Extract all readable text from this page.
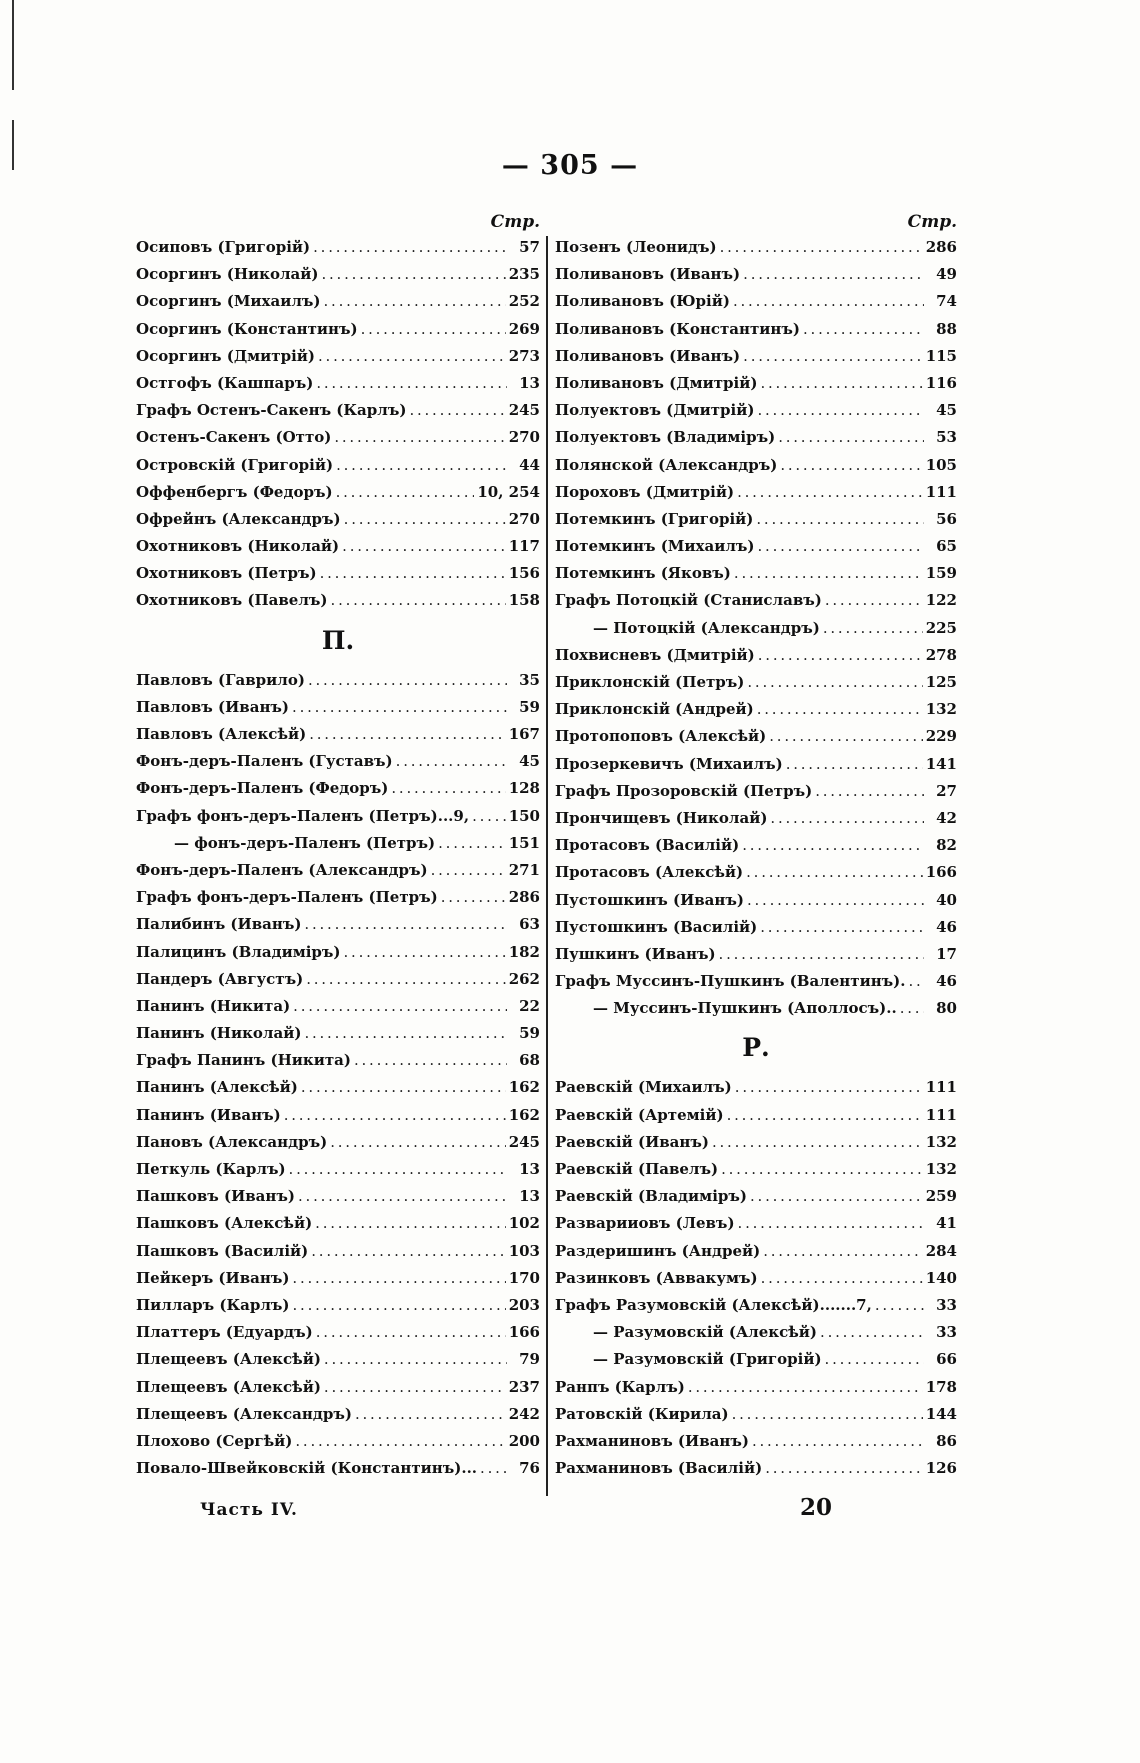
— 305 —
Стр.
Осиповъ (Григорій) . . .	57
Осоргинъ (Николай) . . .	235
Осоргинъ (Михаилъ) . . .	252
Осоргинъ (Константинъ) . . .	269
Осоргинъ (Дмитрій) . . .	273
Остгофъ (Кашпаръ) . . .	13
Графъ Остенъ-Сакенъ (Карлъ) . . .	245
Остенъ-Сакенъ (Отто) . . .	270
Островскій (Григорій) . . .	44
Оффенбергъ (Федоръ) . . .	10, 254
Офрейнъ (Александръ) . . .	270
Охотниковъ (Николай) . . .	117
Охотниковъ (Петръ) . . .	156
Охотниковъ (Павелъ) . . .	158
П.
Павловъ (Гаврило) . . .	35
Павловъ (Иванъ) . . .	59
Павловъ (Алексѣй) . . .	167
Фонъ-деръ-Паленъ (Густавъ) . . .	45
Фонъ-деръ-Паленъ (Федоръ) . . .	128
Графъ фонъ-деръ-Паленъ (Петръ)...9, . . .	150
— фонъ-деръ-Паленъ (Петръ) . . .	151
Фонъ-деръ-Паленъ (Александръ) . . .	271
Графъ фонъ-деръ-Паленъ (Петръ) . . .	286
Палибинъ (Иванъ) . . .	63
Палицинъ (Владиміръ) . . .	182
Пандеръ (Августъ) . . .	262
Панинъ (Никита) . . .	22
Панинъ (Николай) . . .	59
Графъ Панинъ (Никита) . . .	68
Панинъ (Алексѣй) . . .	162
Панинъ (Иванъ) . . .	162
Пановъ (Александръ) . . .	245
Петкуль (Карлъ) . . .	13
Пашковъ (Иванъ) . . .	13
Пашковъ (Алексѣй) . . .	102
Пашковъ (Василій) . . .	103
Пейкеръ (Иванъ) . . .	170
Пилларъ (Карлъ) . . .	203
Платтеръ (Едуардъ) . . .	166
Плещеевъ (Алексѣй) . . .	79
Плещеевъ (Алексѣй) . . .	237
Плещеевъ (Александръ) . . .	242
Плохово (Сергѣй) . . .	200
Повало-Швейковскій (Константинъ)... . . .	76
Стр.
Позенъ (Леонидъ) . . .	286
Поливановъ (Иванъ) . . .	49
Поливановъ (Юрій) . . .	74
Поливановъ (Константинъ) . . .	88
Поливановъ (Иванъ) . . .	115
Поливановъ (Дмитрій) . . .	116
Полуектовъ (Дмитрій) . . .	45
Полуектовъ (Владиміръ) . . .	53
Полянской (Александръ) . . .	105
Пороховъ (Дмитрій) . . .	111
Потемкинъ (Григорій) . . .	56
Потемкинъ (Михаилъ) . . .	65
Потемкинъ (Яковъ) . . .	159
Графъ Потоцкій (Станиславъ) . . .	122
— Потоцкій (Александръ) . . .	225
Похвисневъ (Дмитрій) . . .	278
Приклонскій (Петръ) . . .	125
Приклонскій (Андрей) . . .	132
Протопоповъ (Алексѣй) . . .	229
Прозеркевичъ (Михаилъ) . . .	141
Графъ Прозоровскій (Петръ) . . .	27
Прончищевъ (Николай) . . .	42
Протасовъ (Василій) . . .	82
Протасовъ (Алексѣй) . . .	166
Пустошкинъ (Иванъ) . . .	40
Пустошкинъ (Василій) . . .	46
Пушкинъ (Иванъ) . . .	17
Графъ Муссинъ-Пушкинъ (Валентинъ). . . .	46
— Муссинъ-Пушкинъ (Аполлосъ).. . . .	80
Р.
Раевскій (Михаилъ) . . .	111
Раевскій (Артемій) . . .	111
Раевскій (Иванъ) . . .	132
Раевскій (Павелъ) . . .	132
Раевскій (Владиміръ) . . .	259
Разварииовъ (Левъ) . . .	41
Раздеришинъ (Андрей) . . .	284
Разинковъ (Аввакумъ) . . .	140
Графъ Разумовскій (Алексѣй).......7, . . .	33
— Разумовскій (Алексѣй) . . .	33
— Разумовскій (Григорій) . . .	66
Ранпъ (Карлъ) . . .	178
Ратовскій (Кирила) . . .	144
Рахманиновъ (Иванъ) . . .	86
Рахманиновъ (Василій) . . .	126
Часть IV.	20
